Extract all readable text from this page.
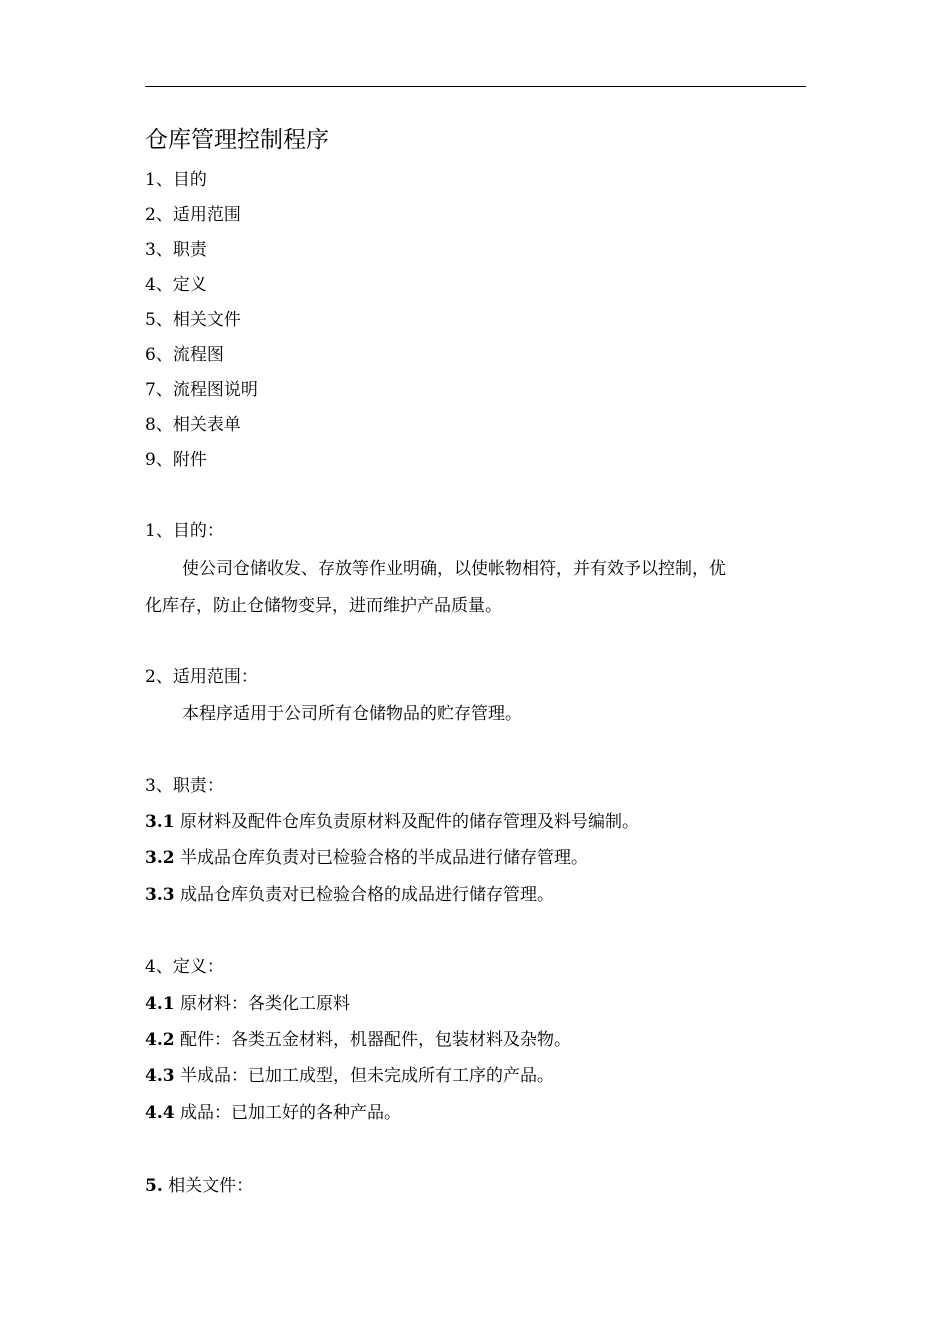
仓库管理控制程序
1、目的
2、适用范围
3、职责
4、定义
5、相关文件
6、流程图
7、流程图说明
8、相关表单
9、附件
1、目的：
使公司仓储收发、存放等作业明确，以使帐物相符，并有效予以控制，优
化库存，防止仓储物变异，进而维护产品质量。
2、适用范围：
本程序适用于公司所有仓储物品的贮存管理。
3、职责：
3.1 原材料及配件仓库负责原材料及配件的储存管理及料号编制。
3.2 半成品仓库负责对已检验合格的半成品进行储存管理。
3.3 成品仓库负责对已检验合格的成品进行储存管理。
4、定义：
4.1 原材料：各类化工原料
4.2 配件：各类五金材料，机器配件，包装材料及杂物。
4.3 半成品：已加工成型，但未完成所有工序的产品。
4.4 成品：已加工好的各种产品。
5. 相关文件：
